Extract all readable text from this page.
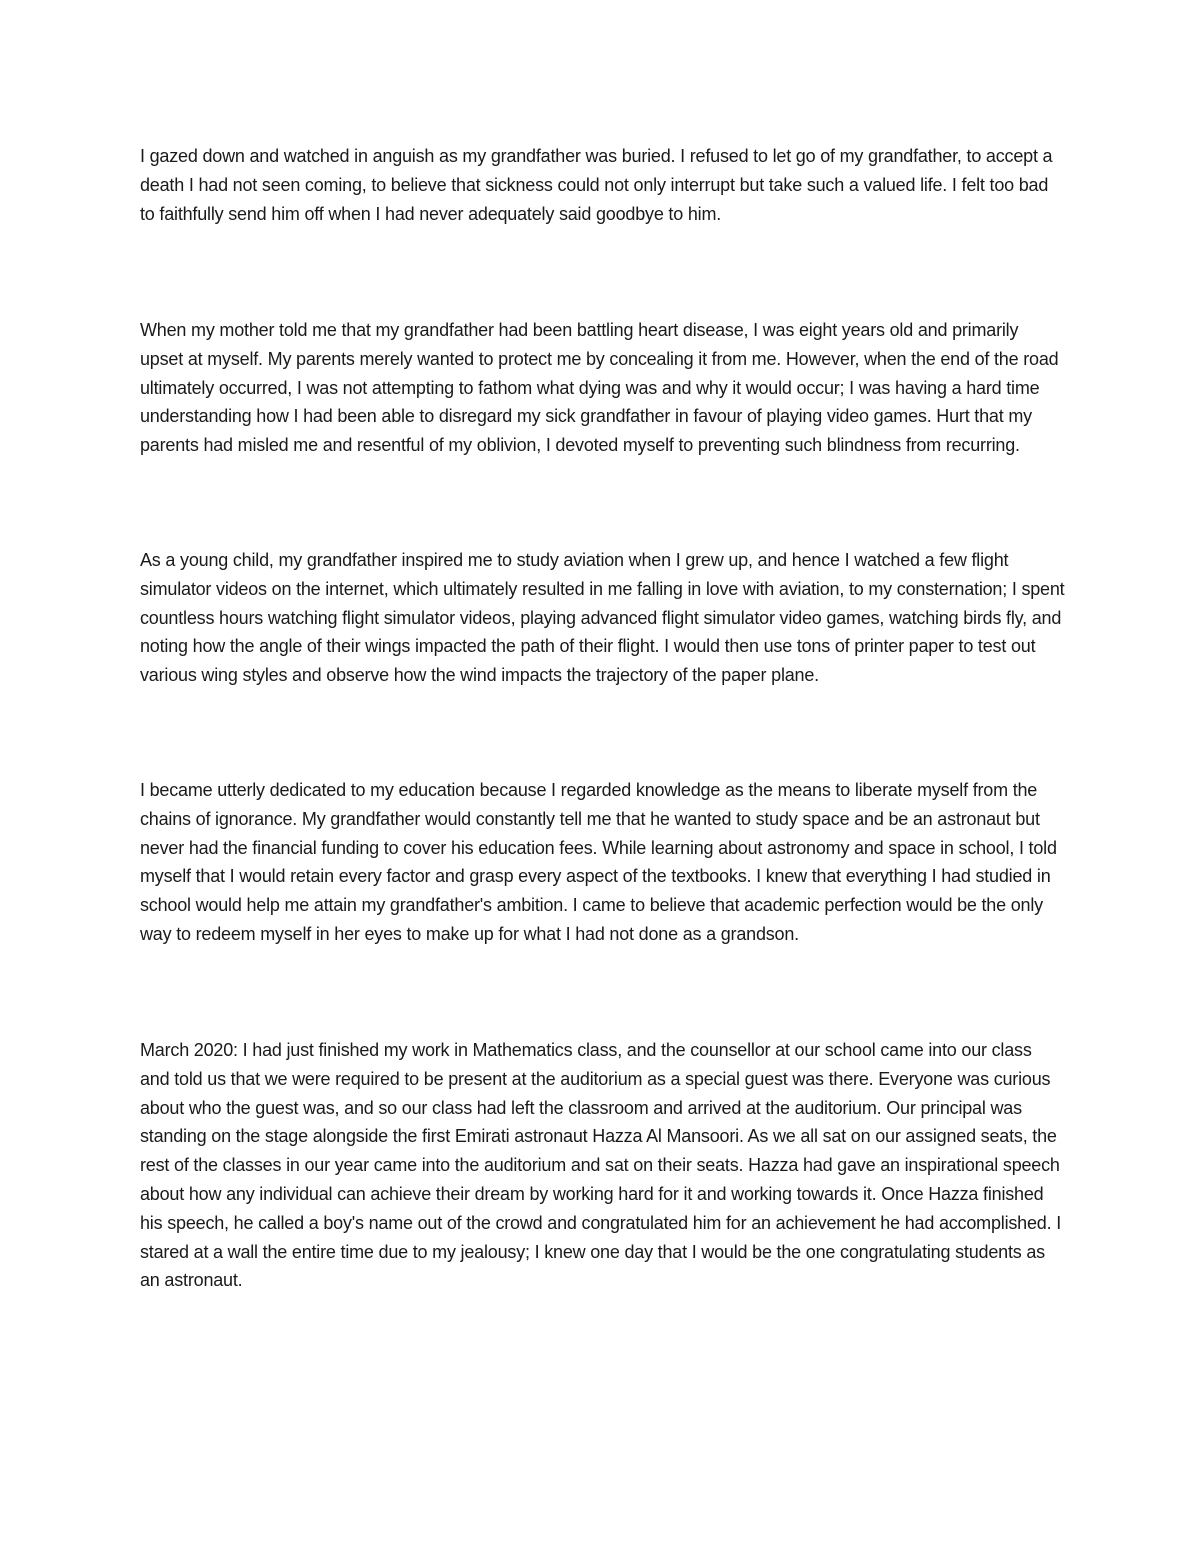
I gazed down and watched in anguish as my grandfather was buried. I refused to let go of my grandfather, to accept a death I had not seen coming, to believe that sickness could not only interrupt but take such a valued life. I felt too bad to faithfully send him off when I had never adequately said goodbye to him.

When my mother told me that my grandfather had been battling heart disease, I was eight years old and primarily upset at myself. My parents merely wanted to protect me by concealing it from me. However, when the end of the road ultimately occurred, I was not attempting to fathom what dying was and why it would occur; I was having a hard time understanding how I had been able to disregard my sick grandfather in favour of playing video games. Hurt that my parents had misled me and resentful of my oblivion, I devoted myself to preventing such blindness from recurring.

As a young child, my grandfather inspired me to study aviation when I grew up, and hence I watched a few flight simulator videos on the internet, which ultimately resulted in me falling in love with aviation, to my consternation; I spent countless hours watching flight simulator videos, playing advanced flight simulator video games, watching birds fly, and noting how the angle of their wings impacted the path of their flight. I would then use tons of printer paper to test out various wing styles and observe how the wind impacts the trajectory of the paper plane.

I became utterly dedicated to my education because I regarded knowledge as the means to liberate myself from the chains of ignorance. My grandfather would constantly tell me that he wanted to study space and be an astronaut but never had the financial funding to cover his education fees. While learning about astronomy and space in school, I told myself that I would retain every factor and grasp every aspect of the textbooks. I knew that everything I had studied in school would help me attain my grandfather's ambition. I came to believe that academic perfection would be the only way to redeem myself in her eyes to make up for what I had not done as a grandson.

March 2020: I had just finished my work in Mathematics class, and the counsellor at our school came into our class and told us that we were required to be present at the auditorium as a special guest was there. Everyone was curious about who the guest was, and so our class had left the classroom and arrived at the auditorium. Our principal was standing on the stage alongside the first Emirati astronaut Hazza Al Mansoori. As we all sat on our assigned seats, the rest of the classes in our year came into the auditorium and sat on their seats. Hazza had gave an inspirational speech about how any individual can achieve their dream by working hard for it and working towards it. Once Hazza finished his speech, he called a boy's name out of the crowd and congratulated him for an achievement he had accomplished. I stared at a wall the entire time due to my jealousy; I knew one day that I would be the one congratulating students as an astronaut.
